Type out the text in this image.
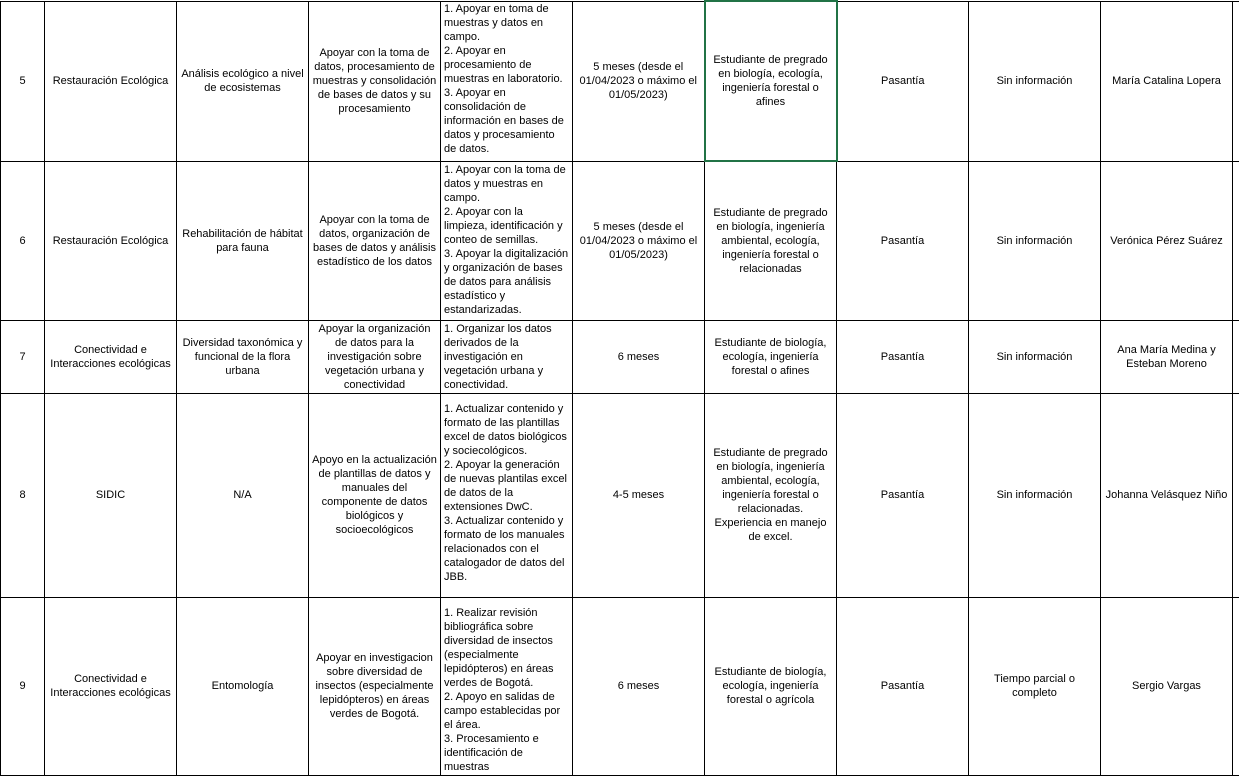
5	Restauración Ecológica	Análisis ecológico a nivel de ecosistemas	Apoyar con la toma de datos, procesamiento de muestras y consolidación de bases de datos y su procesamiento	1. Apoyar en toma de muestras y datos en campo.
2. Apoyar en procesamiento de muestras en laboratorio.
3. Apoyar en consolidación de información en bases de datos y procesamiento de datos.	5 meses (desde el 01/04/2023 o máximo el 01/05/2023)	Estudiante de pregrado en biología, ecología, ingeniería forestal o afines	Pasantía	Sin información	María Catalina Lopera	

6	Restauración Ecológica	Rehabilitación de hábitat para fauna	Apoyar con la toma de datos, organización de bases de datos y análisis estadístico de los datos	1. Apoyar con la toma de datos y muestras en campo.
2. Apoyar con la limpieza, identificación y conteo de semillas.
3. Apoyar la digitalización y organización de bases de datos para análisis estadístico y estandarizadas.	5 meses (desde el 01/04/2023 o máximo el 01/05/2023)	Estudiante de pregrado en biología, ingeniería ambiental, ecología, ingeniería forestal o relacionadas	Pasantía	Sin información	Verónica Pérez Suárez	

7	Conectividad e Interacciones ecológicas	Diversidad taxonómica y funcional de la flora urbana	Apoyar la organización de datos para la investigación sobre vegetación urbana y conectividad	1. Organizar los datos derivados de la investigación en vegetación urbana y conectividad.	6 meses	Estudiante de biología, ecología, ingeniería forestal o afines	Pasantía	Sin información	Ana María Medina y Esteban Moreno	

8	SIDIC	N/A	Apoyo en la actualización de plantillas de datos y manuales del componente de datos biológicos y socioecológicos	1. Actualizar contenido y formato de las plantillas excel de datos biológicos y sociecológicos.
2. Apoyar la generación de nuevas plantilas excel de datos de la extensiones DwC.
3. Actualizar contenido y formato de los manuales relacionados con el catalogador de datos del JBB.	4-5 meses	Estudiante de pregrado en biología, ingeniería ambiental, ecología, ingeniería forestal o relacionadas. Experiencia en manejo de excel.	Pasantía	Sin información	Johanna Velásquez Niño	

9	Conectividad e Interacciones ecológicas	Entomología	Apoyar en investigacion sobre diversidad de insectos (especialmente lepidópteros) en áreas verdes de Bogotá.	1. Realizar revisión bibliográfica sobre diversidad de insectos (especialmente lepidópteros) en áreas verdes de Bogotá.
2. Apoyo en salidas de campo establecidas por el área.
3. Procesamiento e identificación de muestras	6 meses	Estudiante de biología, ecología, ingeniería forestal o agrícola	Pasantía	Tiempo parcial o completo	Sergio Vargas	
